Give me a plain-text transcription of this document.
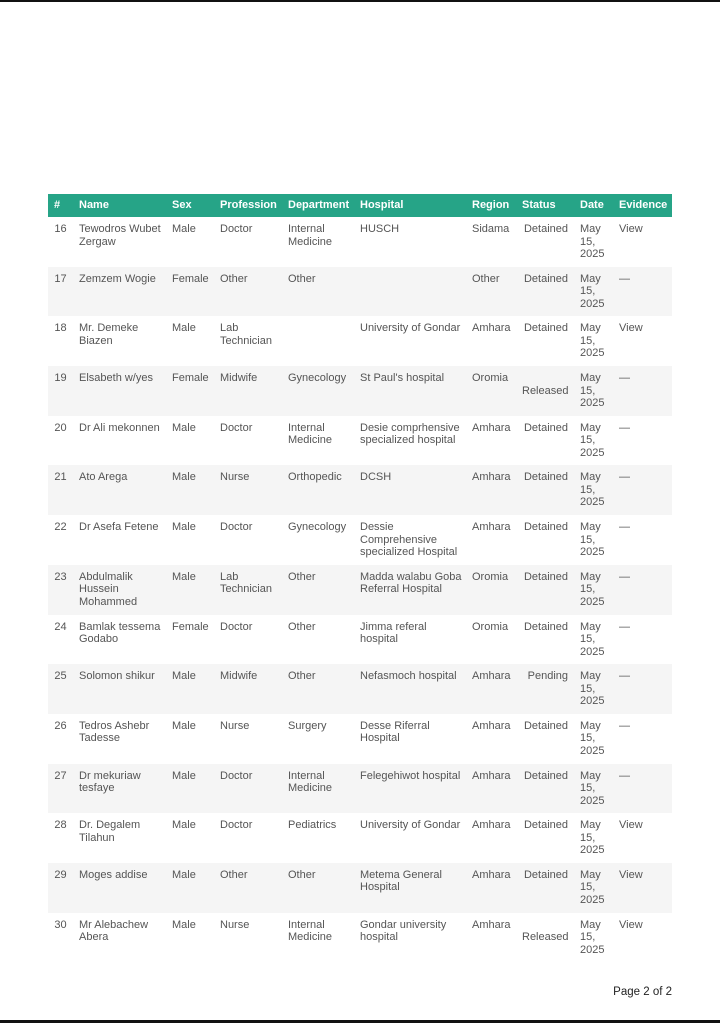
#	Name	Sex	Profession	Department	Hospital	Region	Status	Date	Evidence
16	Tewodros Wubet Zergaw	Male	Doctor	Internal Medicine	HUSCH	Sidama	Detained	May 15, 2025	View
17	Zemzem Wogie	Female	Other	Other		Other	Detained	May 15, 2025	—
18	Mr. Demeke Biazen	Male	Lab Technician		University of Gondar	Amhara	Detained	May 15, 2025	View
19	Elsabeth w/yes	Female	Midwife	Gynecology	St Paul's hospital	Oromia	Released	May 15, 2025	—
20	Dr Ali mekonnen	Male	Doctor	Internal Medicine	Desie comprhensive specialized hospital	Amhara	Detained	May 15, 2025	—
21	Ato Arega	Male	Nurse	Orthopedic	DCSH	Amhara	Detained	May 15, 2025	—
22	Dr Asefa Fetene	Male	Doctor	Gynecology	Dessie Comprehensive specialized Hospital	Amhara	Detained	May 15, 2025	—
23	Abdulmalik Hussein Mohammed	Male	Lab Technician	Other	Madda walabu Goba Referral Hospital	Oromia	Detained	May 15, 2025	—
24	Bamlak tessema Godabo	Female	Doctor	Other	Jimma referal hospital	Oromia	Detained	May 15, 2025	—
25	Solomon shikur	Male	Midwife	Other	Nefasmoch hospital	Amhara	Pending	May 15, 2025	—
26	Tedros Ashebr Tadesse	Male	Nurse	Surgery	Desse Riferral Hospital	Amhara	Detained	May 15, 2025	—
27	Dr mekuriaw tesfaye	Male	Doctor	Internal Medicine	Felegehiwot hospital	Amhara	Detained	May 15, 2025	—
28	Dr. Degalem Tilahun	Male	Doctor	Pediatrics	University of Gondar	Amhara	Detained	May 15, 2025	View
29	Moges addise	Male	Other	Other	Metema General Hospital	Amhara	Detained	May 15, 2025	View
30	Mr Alebachew Abera	Male	Nurse	Internal Medicine	Gondar university hospital	Amhara	Released	May 15, 2025	View
Page 2 of 2
